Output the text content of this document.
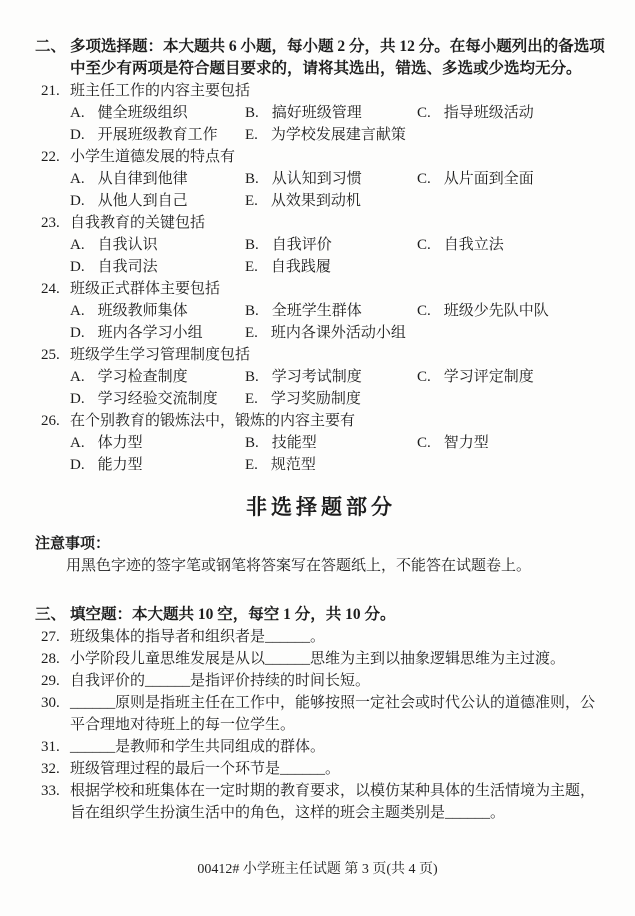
二、 多项选择题：本大题共 6 小题，每小题 2 分，共 12 分。在每小题列出的备选项中至少有两项是符合题目要求的，请将其选出，错选、多选或少选均无分。
21. 班主任工作的内容主要包括
A. 健全班级组织	B. 搞好班级管理	C. 指导班级活动
D. 开展班级教育工作 E. 为学校发展建言献策
22. 小学生道德发展的特点有
A. 从自律到他律	B. 从认知到习惯	C. 从片面到全面
D. 从他人到自己	E. 从效果到动机
23. 自我教育的关键包括
A. 自我认识	B. 自我评价	C. 自我立法
D. 自我司法	E. 自我践履
24. 班级正式群体主要包括
A. 班级教师集体	B. 全班学生群体	C. 班级少先队中队
D. 班内各学习小组	E. 班内各课外活动小组
25. 班级学生学习管理制度包括
A. 学习检查制度	B. 学习考试制度	C. 学习评定制度
D. 学习经验交流制度 E. 学习奖励制度
26. 在个别教育的锻炼法中，锻炼的内容主要有
A. 体力型	B. 技能型	C. 智力型
D. 能力型	E. 规范型
非选择题部分
注意事项：
用黑色字迹的签字笔或钢笔将答案写在答题纸上，不能答在试题卷上。
三、 填空题：本大题共 10 空，每空 1 分，共 10 分。
27. 班级集体的指导者和组织者是______。
28. 小学阶段儿童思维发展是从以______思维为主到以抽象逻辑思维为主过渡。
29. 自我评价的______是指评价持续的时间长短。
30. ______原则是指班主任在工作中，能够按照一定社会或时代公认的道德准则，公平合理地对待班上的每一位学生。
31. ______是教师和学生共同组成的群体。
32. 班级管理过程的最后一个环节是______。
33. 根据学校和班集体在一定时期的教育要求，以模仿某种具体的生活情境为主题，旨在组织学生扮演生活中的角色，这样的班会主题类别是______。
00412# 小学班主任试题 第 3 页(共 4 页)
